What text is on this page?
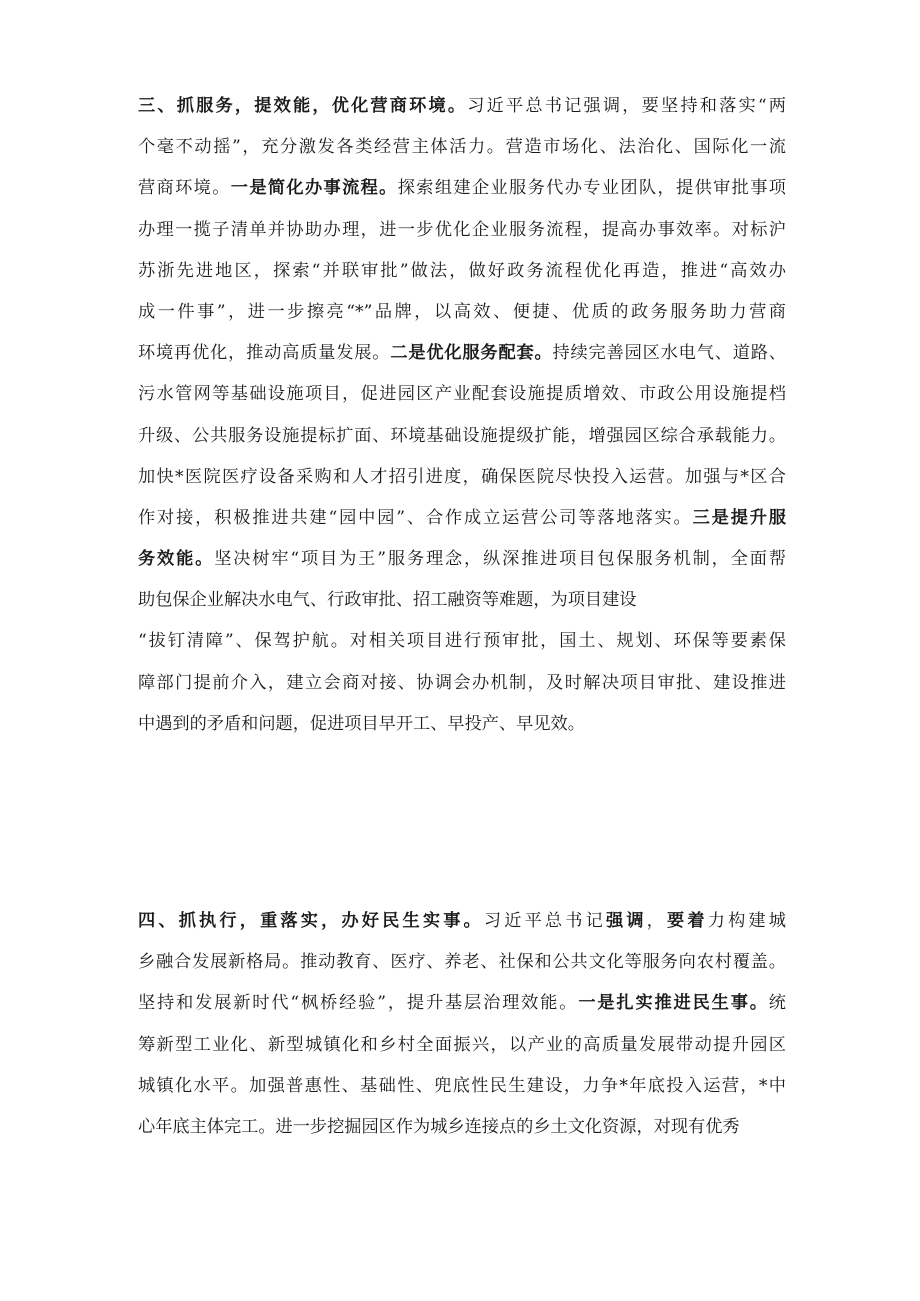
三、抓服务，提效能，优化营商环境。习近平总书记强调，要坚持和落实“两
个毫不动摇”，充分激发各类经营主体活力。营造市场化、法治化、国际化一流
营商环境。一是简化办事流程。探索组建企业服务代办专业团队，提供审批事项
办理一揽子清单并协助办理，进一步优化企业服务流程，提高办事效率。对标沪
苏浙先进地区，探索“并联审批”做法，做好政务流程优化再造，推进“高效办
成一件事”，进一步擦亮“*”品牌，以高效、便捷、优质的政务服务助力营商
环境再优化，推动高质量发展。二是优化服务配套。持续完善园区水电气、道路、
污水管网等基础设施项目，促进园区产业配套设施提质增效、市政公用设施提档
升级、公共服务设施提标扩面、环境基础设施提级扩能，增强园区综合承载能力。
加快*医院医疗设备采购和人才招引进度，确保医院尽快投入运营。加强与*区合
作对接，积极推进共建“园中园”、合作成立运营公司等落地落实。三是提升服
务效能。坚决树牢“项目为王”服务理念，纵深推进项目包保服务机制，全面帮
助包保企业解决水电气、行政审批、招工融资等难题，为项目建设
“拔钉清障”、保驾护航。对相关项目进行预审批，国土、规划、环保等要素保
障部门提前介入，建立会商对接、协调会办机制，及时解决项目审批、建设推进
中遇到的矛盾和问题，促进项目早开工、早投产、早见效。
四、抓执行，重落实，办好民生实事。习近平总书记强调，要着力构建城
乡融合发展新格局。推动教育、医疗、养老、社保和公共文化等服务向农村覆盖。
坚持和发展新时代“枫桥经验”，提升基层治理效能。一是扎实推进民生事。统
筹新型工业化、新型城镇化和乡村全面振兴，以产业的高质量发展带动提升园区
城镇化水平。加强普惠性、基础性、兜底性民生建设，力争*年底投入运营，*中
心年底主体完工。进一步挖掘园区作为城乡连接点的乡土文化资源，对现有优秀
